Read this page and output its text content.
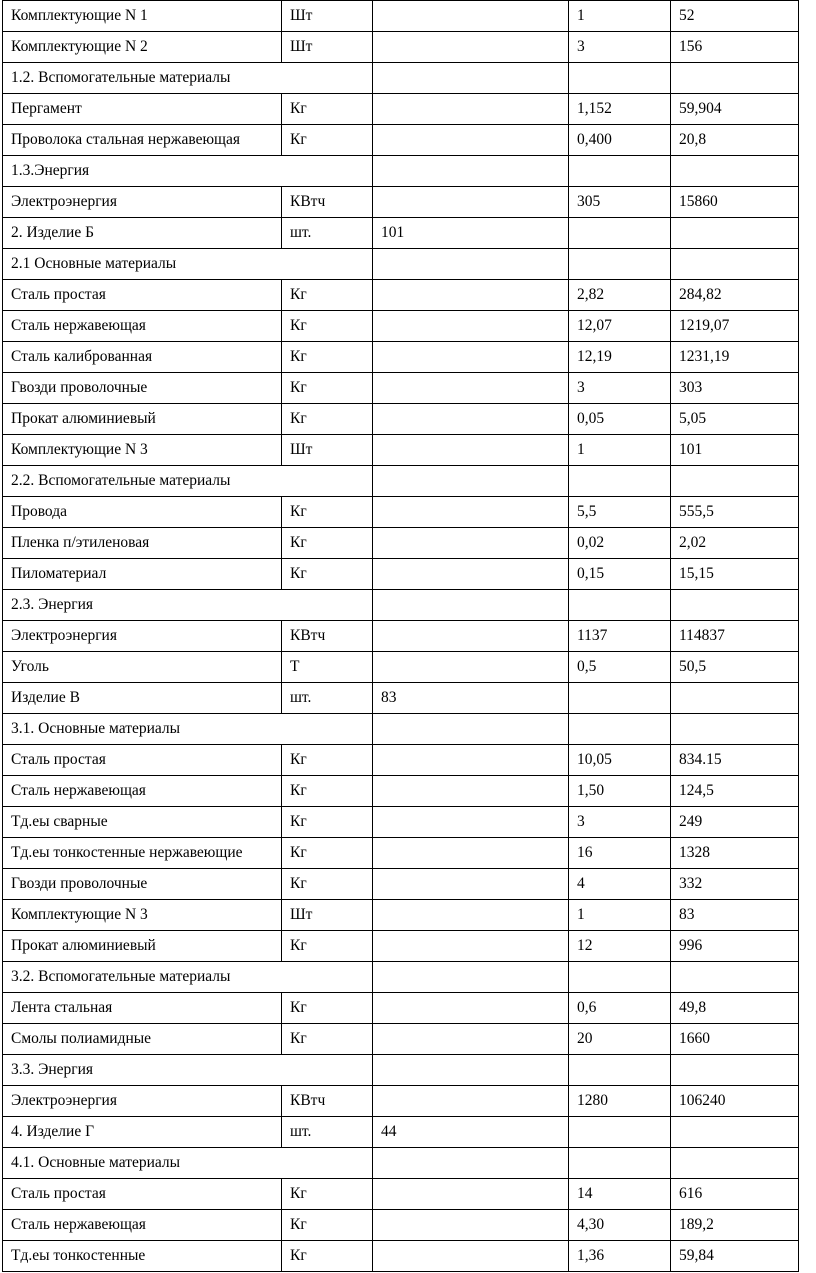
Комплектующие N 1	Шт		1	52
Комплектующие N 2	Шт		3	156
1.2. Вспомогательные материалы				
Пергамент	Кг		1,152	59,904
Проволока стальная нержавеющая	Кг		0,400	20,8
1.3.Энергия				
Электроэнергия	КВтч		305	15860
2. Изделие Б	шт.	101		
2.1 Основные материалы				
Сталь простая	Кг		2,82	284,82
Сталь нержавеющая	Кг		12,07	1219,07
Сталь калиброванная	Кг		12,19	1231,19
Гвозди проволочные	Кг		3	303
Прокат алюминиевый	Кг		0,05	5,05
Комплектующие N 3	Шт		1	101
2.2. Вспомогательные материалы				
Провода	Кг		5,5	555,5
Пленка п/этиленовая	Кг		0,02	2,02
Пиломатериал	Кг		0,15	15,15
2.3. Энергия				
Электроэнергия	КВтч		1137	114837
Уголь	Т		0,5	50,5
Изделие В	шт.	83		
3.1. Основные материалы				
Сталь простая	Кг		10,05	834.15
Сталь нержавеющая	Кг		1,50	124,5
Тд.еы сварные	Кг		3	249
Тд.еы тонкостенные нержавеющие	Кг		16	1328
Гвозди проволочные	Кг		4	332
Комплектующие N 3	Шт		1	83
Прокат алюминиевый	Кг		12	996
3.2. Вспомогательные материалы				
Лента стальная	Кг		0,6	49,8
Смолы полиамидные	Кг		20	1660
3.3. Энергия				
Электроэнергия	КВтч		1280	106240
4. Изделие Г	шт.	44		
4.1. Основные материалы				
Сталь простая	Кг		14	616
Сталь нержавеющая	Кг		4,30	189,2
Тд.еы тонкостенные	Кг		1,36	59,84
